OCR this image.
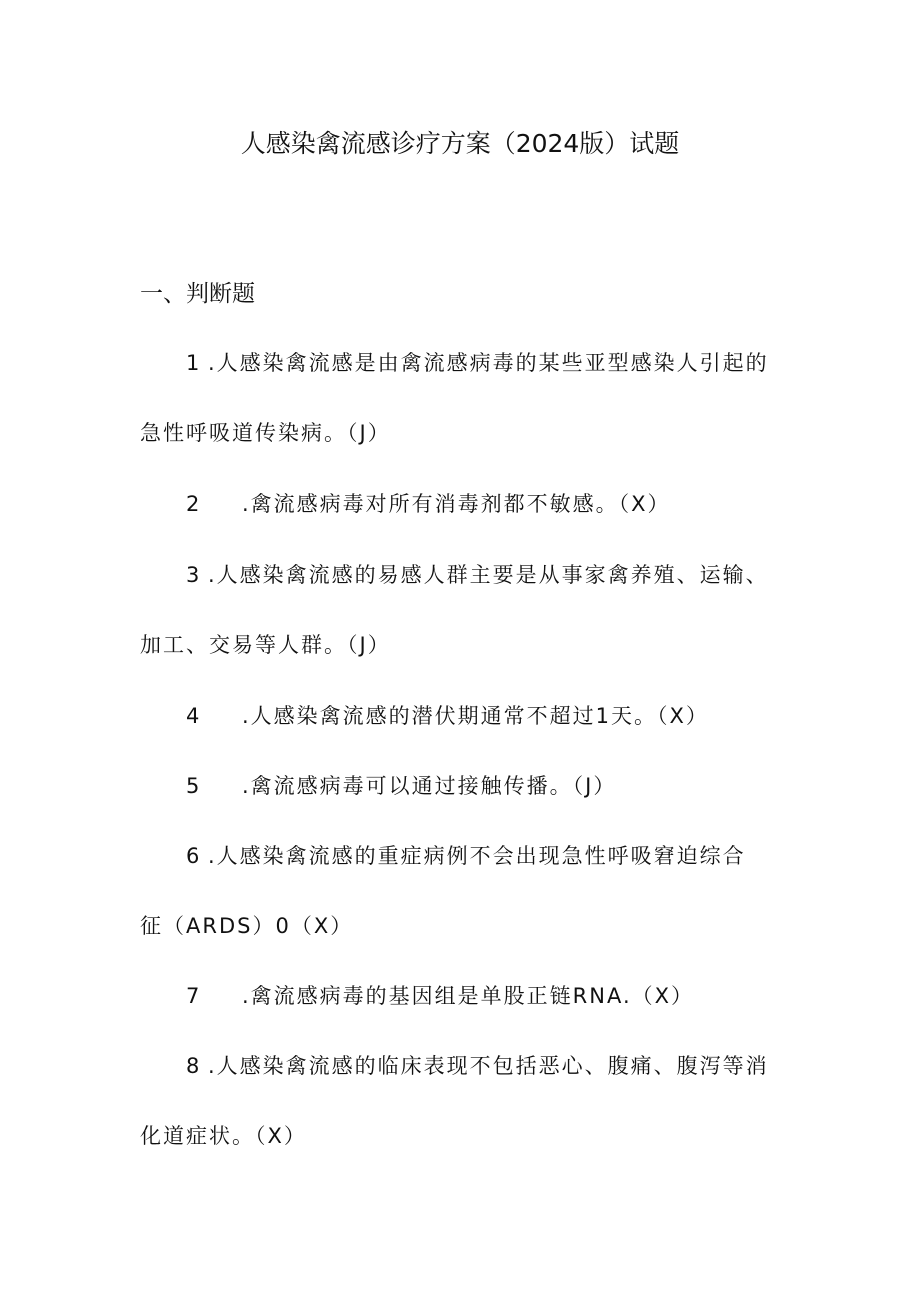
人感染禽流感诊疗方案（2024版）试题
一、判断题
1 .人感染禽流感是由禽流感病毒的某些亚型感染人引起的
急性呼吸道传染病。（J）
2 .禽流感病毒对所有消毒剂都不敏感。（X）
3 .人感染禽流感的易感人群主要是从事家禽养殖、运输、
加工、交易等人群。（J）
4 .人感染禽流感的潜伏期通常不超过1天。（X）
5 .禽流感病毒可以通过接触传播。（J）
6 .人感染禽流感的重症病例不会出现急性呼吸窘迫综合
征（ARDS）0（X）
7 .禽流感病毒的基因组是单股正链RNA.（X）
8 .人感染禽流感的临床表现不包括恶心、腹痛、腹泻等消
化道症状。（X）
